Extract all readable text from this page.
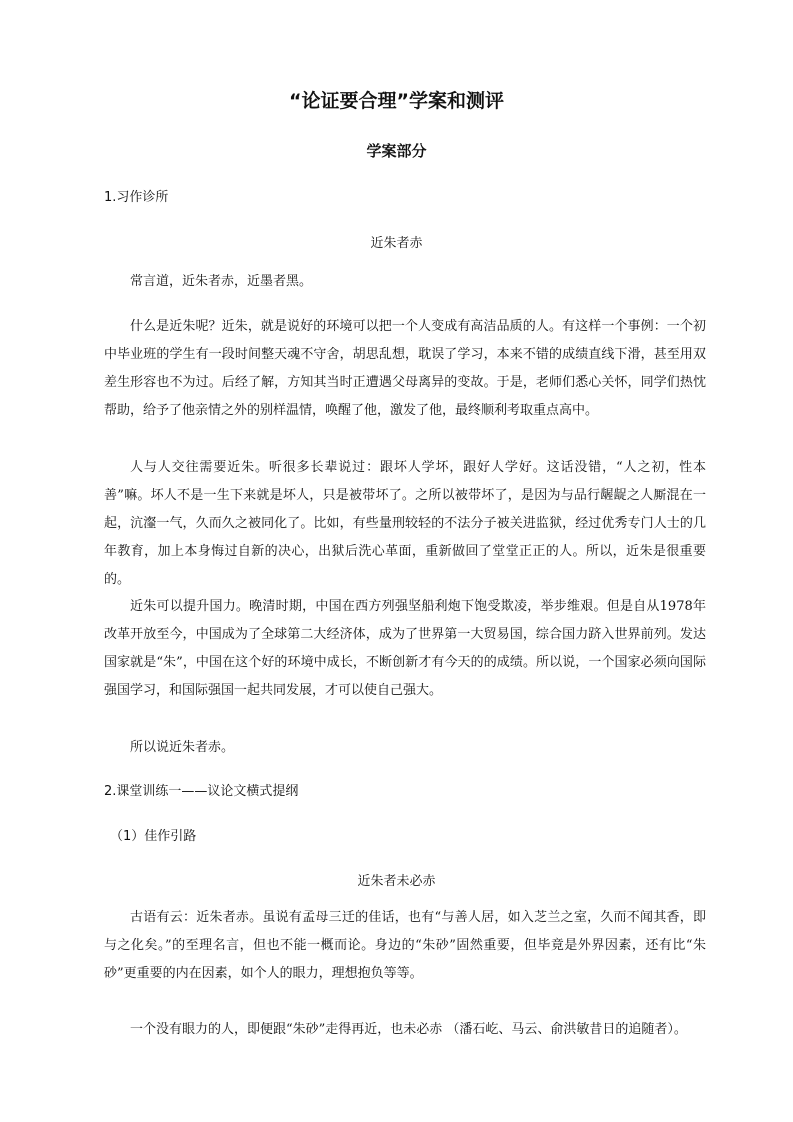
“论证要合理”学案和测评
学案部分
1.习作诊所
近朱者赤

常言道，近朱者赤，近墨者黑。

什么是近朱呢？近朱，就是说好的环境可以把一个人变成有高洁品质的人。有这样一个事例：一个初中毕业班的学生有一段时间整天魂不守舍，胡思乱想，耽误了学习，本来不错的成绩直线下滑，甚至用双差生形容也不为过。后经了解，方知其当时正遭遇父母离异的变故。于是，老师们悉心关怀，同学们热忱帮助，给予了他亲情之外的别样温情，唤醒了他，激发了他，最终顺利考取重点高中。

人与人交往需要近朱。听很多长辈说过：跟坏人学坏，跟好人学好。这话没错，“人之初，性本善”嘛。坏人不是一生下来就是坏人，只是被带坏了。之所以被带坏了，是因为与品行龌龊之人厮混在一起，沆瀣一气，久而久之被同化了。比如，有些量刑较轻的不法分子被关进监狱，经过优秀专门人士的几年教育，加上本身悔过自新的决心，出狱后洗心革面，重新做回了堂堂正正的人。所以，近朱是很重要的。

近朱可以提升国力。晚清时期，中国在西方列强坚船利炮下饱受欺凌，举步维艰。但是自从1978年改革开放至今，中国成为了全球第二大经济体，成为了世界第一大贸易国，综合国力跻入世界前列。发达国家就是“朱”，中国在这个好的环境中成长，不断创新才有今天的的成绩。所以说，一个国家必须向国际强国学习，和国际强国一起共同发展，才可以使自己强大。

所以说近朱者赤。

2.课堂训练一——议论文横式提纲
（1）佳作引路
近朱者未必赤

古语有云：近朱者赤。虽说有孟母三迁的佳话，也有“与善人居，如入芝兰之室，久而不闻其香，即与之化矣。”的至理名言，但也不能一概而论。身边的“朱砂”固然重要，但毕竟是外界因素，还有比“朱砂”更重要的内在因素，如个人的眼力，理想抱负等等。

一个没有眼力的人，即便跟“朱砂”走得再近，也未必赤 （潘石屹、马云、俞洪敏昔日的追随者）。
